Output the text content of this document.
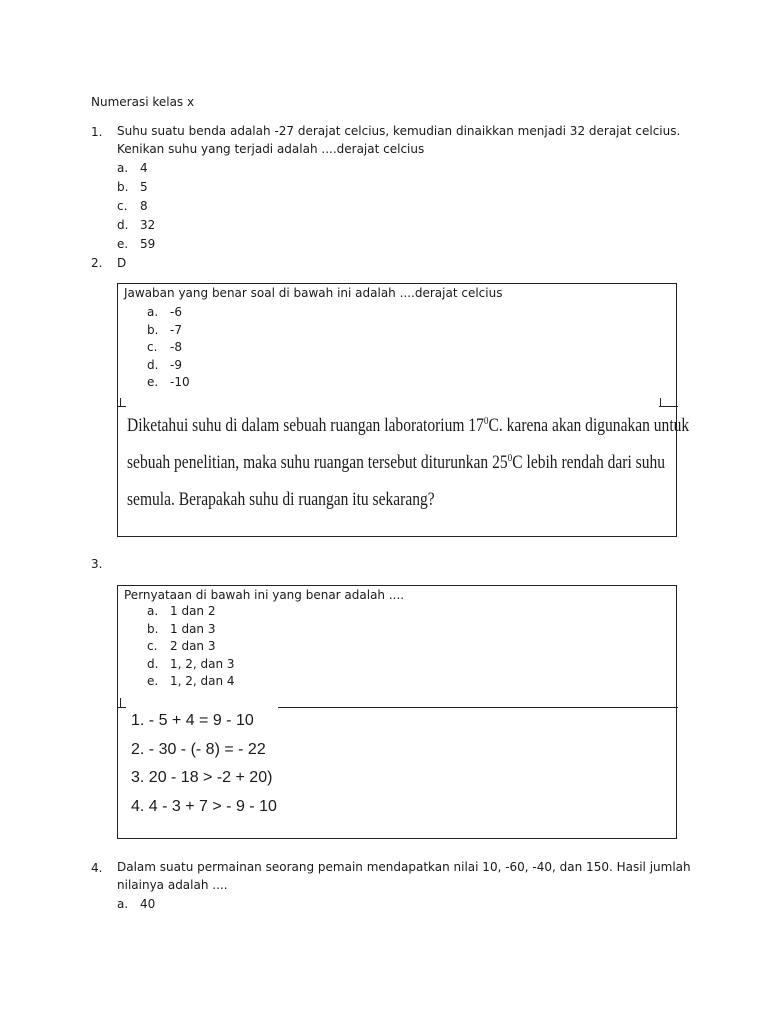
Numerasi kelas x
1. Suhu suatu benda adalah -27 derajat celcius, kemudian dinaikkan menjadi 32 derajat celcius.
Kenikan suhu yang terjadi adalah ....derajat celcius
a. 4
b. 5
c.	8
d. 32
e. 59
2. D
Jawaban yang benar soal di bawah ini adalah ....derajat celcius
a. -6
b. -7
c.	-8
d. -9
e. -10
Diketahui suhu di dalam sebuah ruangan laboratorium $17^0C$. karena akan digunakan untuk
sebuah penelitian, maka suhu ruangan tersebut diturunkan $25^0C$ lebih rendah dari suhu
semula. Berapakah suhu di ruangan itu sekarang?
3.
Pernyataan di bawah ini yang benar adalah ....
a. 1 dan 2
b. 1 dan 3
c.	2 dan 3
d. 1, 2, dan 3
e. 1, 2, dan 4
1. - 5 + 4 = 9 - 10
2. - 30 - (- 8) = - 22
3. 20 - 18 > -2 + 20)
4. 4 - 3 + 7 > - 9 - 10
4. Dalam suatu permainan seorang pemain mendapatkan nilai 10, -60, -40, dan 150. Hasil jumlah
nilainya adalah ....
a. 40
